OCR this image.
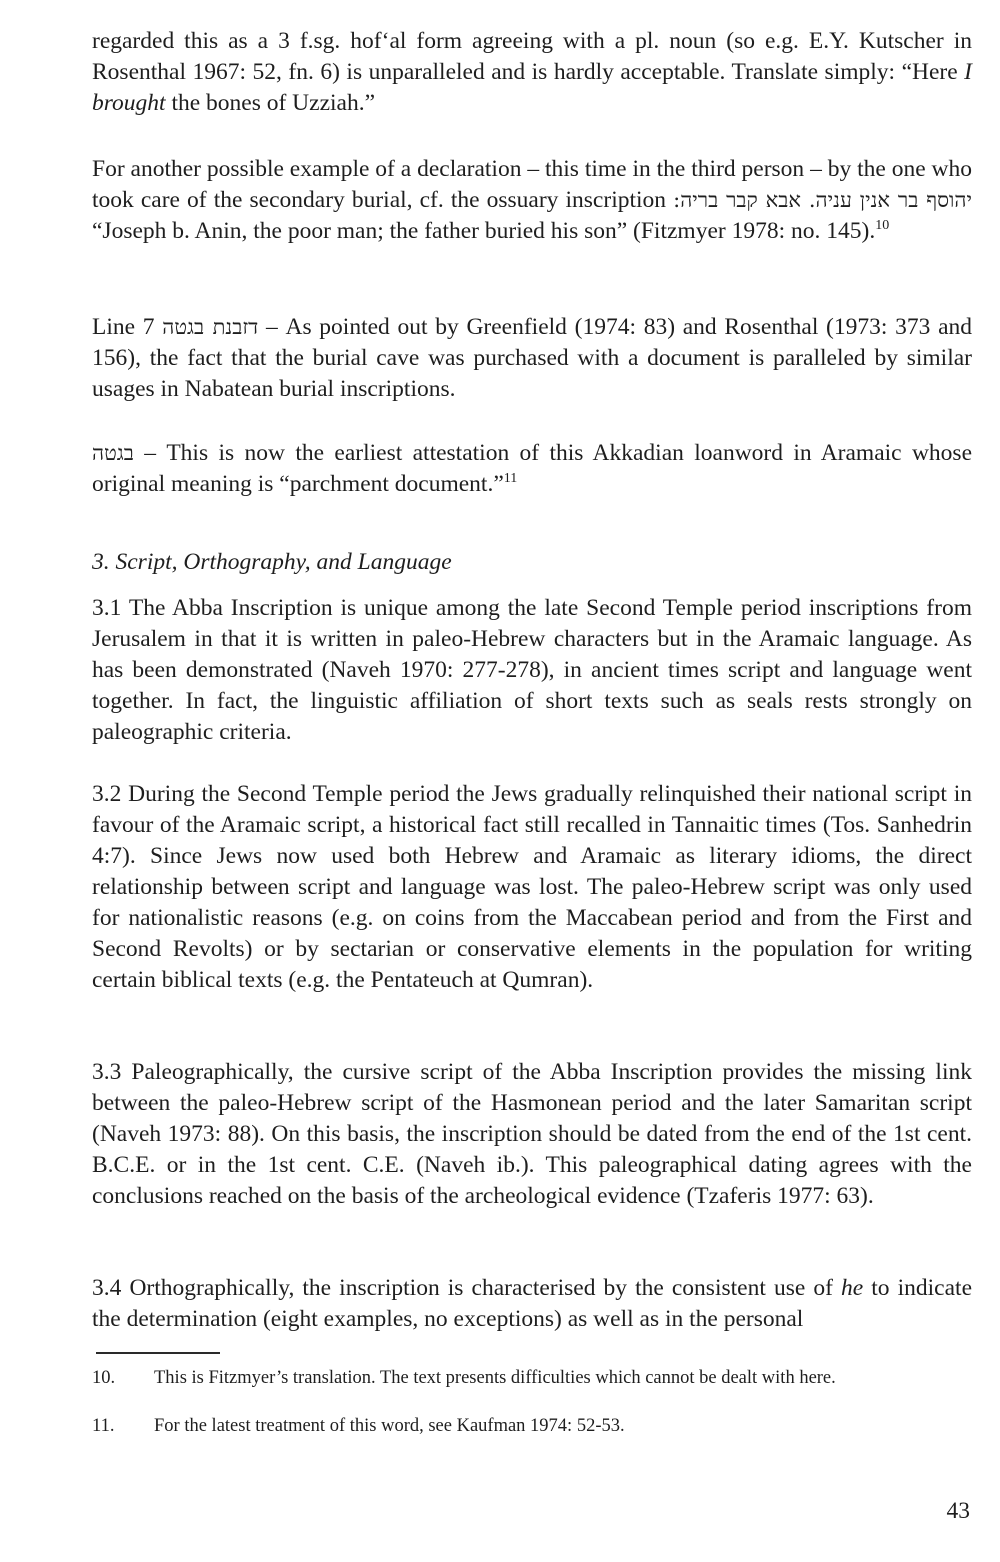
regarded this as a 3 f.sg. hof‘al form agreeing with a pl. noun (so e.g. E.Y. Kutscher in Rosenthal 1967: 52, fn. 6) is unparalleled and is hardly acceptable. Translate simply: “Here I brought the bones of Uzziah.”

For another possible example of a declaration – this time in the third person – by the one who took care of the secondary burial, cf. the ossuary inscription יהוסף בר אנין עניה. אבא קבר בריה: “Joseph b. Anin, the poor man; the father buried his son” (Fitzmyer 1978: no. 145).$^{10}$

Line 7 דזבנת בגטה – As pointed out by Greenfield (1974: 83) and Rosenthal (1973: 373 and 156), the fact that the burial cave was purchased with a document is paralleled by similar usages in Nabatean burial inscriptions.

בגטה – This is now the earliest attestation of this Akkadian loanword in Aramaic whose original meaning is “parchment document.”$^{11}$

3. Script, Orthography, and Language

3.1 The Abba Inscription is unique among the late Second Temple period inscriptions from Jerusalem in that it is written in paleo-Hebrew characters but in the Aramaic language. As has been demonstrated (Naveh 1970: 277-278), in ancient times script and language went together. In fact, the linguistic affiliation of short texts such as seals rests strongly on paleographic criteria.

3.2 During the Second Temple period the Jews gradually relinquished their national script in favour of the Aramaic script, a historical fact still recalled in Tannaitic times (Tos. Sanhedrin 4:7). Since Jews now used both Hebrew and Aramaic as literary idioms, the direct relationship between script and language was lost. The paleo-Hebrew script was only used for nationalistic reasons (e.g. on coins from the Maccabean period and from the First and Second Revolts) or by sectarian or conservative elements in the population for writing certain biblical texts (e.g. the Pentateuch at Qumran).

3.3 Paleographically, the cursive script of the Abba Inscription provides the missing link between the paleo-Hebrew script of the Hasmonean period and the later Samaritan script (Naveh 1973: 88). On this basis, the inscription should be dated from the end of the 1st cent. B.C.E. or in the 1st cent. C.E. (Naveh ib.). This paleographical dating agrees with the conclusions reached on the basis of the archeological evidence (Tzaferis 1977: 63).

3.4 Orthographically, the inscription is characterised by the consistent use of he to indicate the determination (eight examples, no exceptions) as well as in the personal

10. This is Fitzmyer’s translation. The text presents difficulties which cannot be dealt with here.

11. For the latest treatment of this word, see Kaufman 1974: 52-53.

43
